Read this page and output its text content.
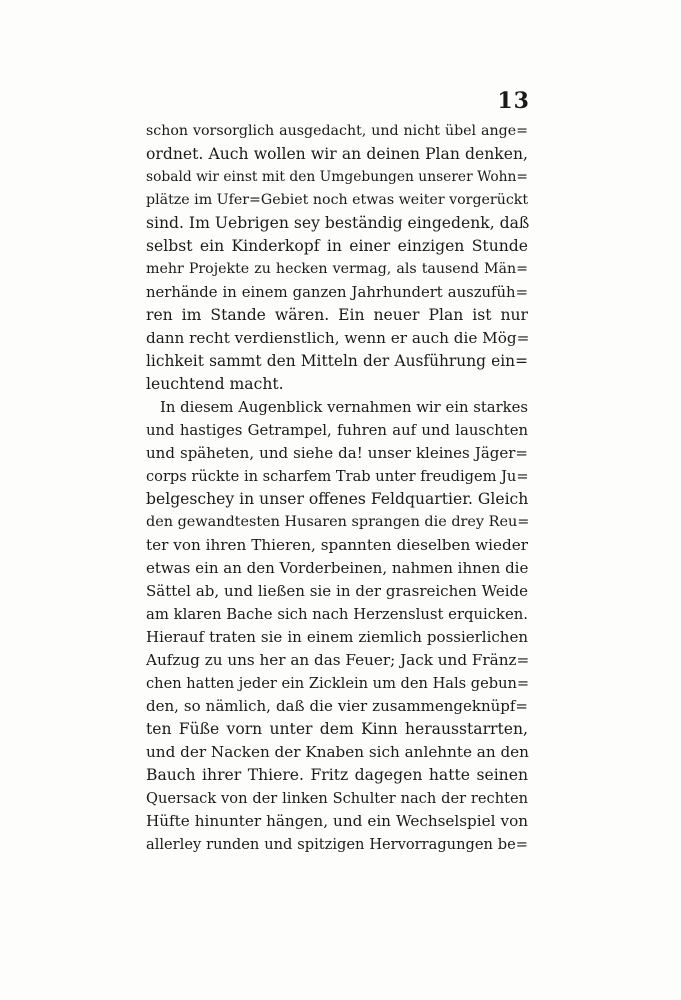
13
schon vorsorglich ausgedacht, und nicht übel ange=
ordnet. Auch wollen wir an deinen Plan denken,
sobald wir einst mit den Umgebungen unserer Wohn=
plätze im Ufer=Gebiet noch etwas weiter vorgerückt
sind. Im Uebrigen sey beständig eingedenk, daß
selbst ein Kinderkopf in einer einzigen Stunde
mehr Projekte zu hecken vermag, als tausend Män=
nerhände in einem ganzen Jahrhundert auszufüh=
ren im Stande wären. Ein neuer Plan ist nur
dann recht verdienstlich, wenn er auch die Mög=
lichkeit sammt den Mitteln der Ausführung ein=
leuchtend macht.
In diesem Augenblick vernahmen wir ein starkes
und hastiges Getrampel, fuhren auf und lauschten
und späheten, und siehe da! unser kleines Jäger=
corps rückte in scharfem Trab unter freudigem Ju=
belgeschey in unser offenes Feldquartier. Gleich
den gewandtesten Husaren sprangen die drey Reu=
ter von ihren Thieren, spannten dieselben wieder
etwas ein an den Vorderbeinen, nahmen ihnen die
Sättel ab, und ließen sie in der grasreichen Weide
am klaren Bache sich nach Herzenslust erquicken.
Hierauf traten sie in einem ziemlich possierlichen
Aufzug zu uns her an das Feuer; Jack und Fränz=
chen hatten jeder ein Zicklein um den Hals gebun=
den, so nämlich, daß die vier zusammengeknüpf=
ten Füße vorn unter dem Kinn herausstarrten,
und der Nacken der Knaben sich anlehnte an den
Bauch ihrer Thiere. Fritz dagegen hatte seinen
Quersack von der linken Schulter nach der rechten
Hüfte hinunter hängen, und ein Wechselspiel von
allerley runden und spitzigen Hervorragungen be=
